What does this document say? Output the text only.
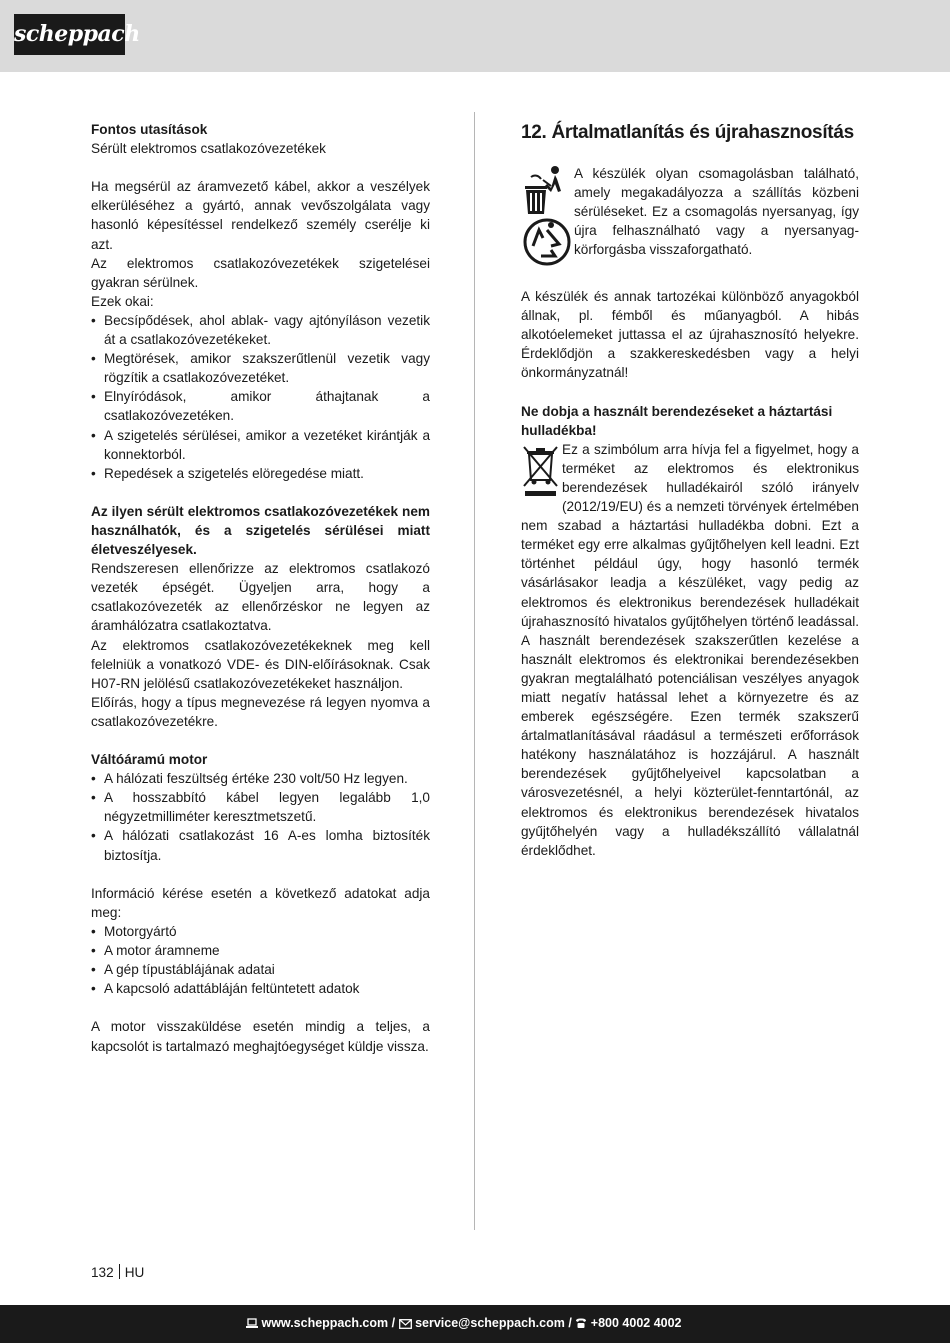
scheppach

Fontos utasítások

Sérült elektromos csatlakozóvezetékek

Ha megsérül az áramvezető kábel, akkor a veszélyek elkerüléséhez a gyártó, annak vevőszolgálata vagy hasonló képesítéssel rendelkező személy cserélje ki azt.

Az elektromos csatlakozóvezetékek szigetelései gyakran sérülnek.

Ezek okai:

• Becsípődések, ahol ablak- vagy ajtónyíláson vezetik át a csatlakozóvezetékeket.
• Megtörések, amikor szakszerűtlenül vezetik vagy rögzítik a csatlakozóvezetéket.
• Elnyíródások, amikor áthajtanak a csatlakozóvezetéken.
• A szigetelés sérülései, amikor a vezetéket kirántják a konnektorból.
• Repedések a szigetelés elöregedése miatt.

Az ilyen sérült elektromos csatlakozóvezetékek nem használhatók, és a szigetelés sérülései miatt életveszélyesek.

Rendszeresen ellenőrizze az elektromos csatlakozó vezeték épségét. Ügyeljen arra, hogy a csatlakozóvezeték az ellenőrzéskor ne legyen az áramhálózatra csatlakoztatva.

Az elektromos csatlakozóvezetékeknek meg kell felelniük a vonatkozó VDE- és DIN-előírásoknak. Csak H07-RN jelölésű csatlakozóvezetékeket használjon.

Előírás, hogy a típus megnevezése rá legyen nyomva a csatlakozóvezetékre.

Váltóáramú motor

• A hálózati feszültség értéke 230 volt/50 Hz legyen.
• A hosszabbító kábel legyen legalább 1,0 négyzetmilliméter keresztmetszetű.
• A hálózati csatlakozást 16 A-es lomha biztosíték biztosítja.

Információ kérése esetén a következő adatokat adja meg:

• Motorgyártó
• A motor áramneme
• A gép típustáblájának adatai
• A kapcsoló adattábláján feltüntetett adatok

A motor visszaküldése esetén mindig a teljes, a kapcsolót is tartalmazó meghajtóegységet küldje vissza.

12. Ártalmatlanítás és újrahasznosítás

A készülék olyan csomagolásban található, amely megakadályozza a szállítás közbeni sérüléseket. Ez a csomagolás nyersanyag, így újra felhasználható vagy a nyersanyag-körforgásba visszaforgatható.

A készülék és annak tartozékai különböző anyagokból állnak, pl. fémből és műanyagból. A hibás alkotóelemeket juttassa el az újrahasznosító helyekre. Érdeklődjön a szakkereskedésben vagy a helyi önkormányzatnál!

Ne dobja a használt berendezéseket a háztartási hulladékba!

Ez a szimbólum arra hívja fel a figyelmet, hogy a terméket az elektromos és elektronikus berendezések hulladékairól szóló irányelv (2012/19/EU) és a nemzeti törvények értelmében nem szabad a háztartási hulladékba dobni. Ezt a terméket egy erre alkalmas gyűjtőhelyen kell leadni. Ezt történhet például úgy, hogy hasonló termék vásárlásakor leadja a készüléket, vagy pedig az elektromos és elektronikus berendezések hulladékait újrahasznosító hivatalos gyűjtőhelyen történő leadással. A használt berendezések szakszerűtlen kezelése a használt elektromos és elektronikai berendezésekben gyakran megtalálható potenciálisan veszélyes anyagok miatt negatív hatással lehet a környezetre és az emberek egészségére. Ezen termék szakszerű ártalmatlanításával ráadásul a természeti erőforrások hatékony használatához is hozzájárul. A használt berendezések gyűjtőhelyeivel kapcsolatban a városvezetésnél, a helyi közterület-fenntartónál, az elektromos és elektronikus berendezések hivatalos gyűjtőhelyén vagy a hulladékszállító vállalatnál érdeklődhet.

132 HU
www.scheppach.com / service@scheppach.com / +800 4002 4002
